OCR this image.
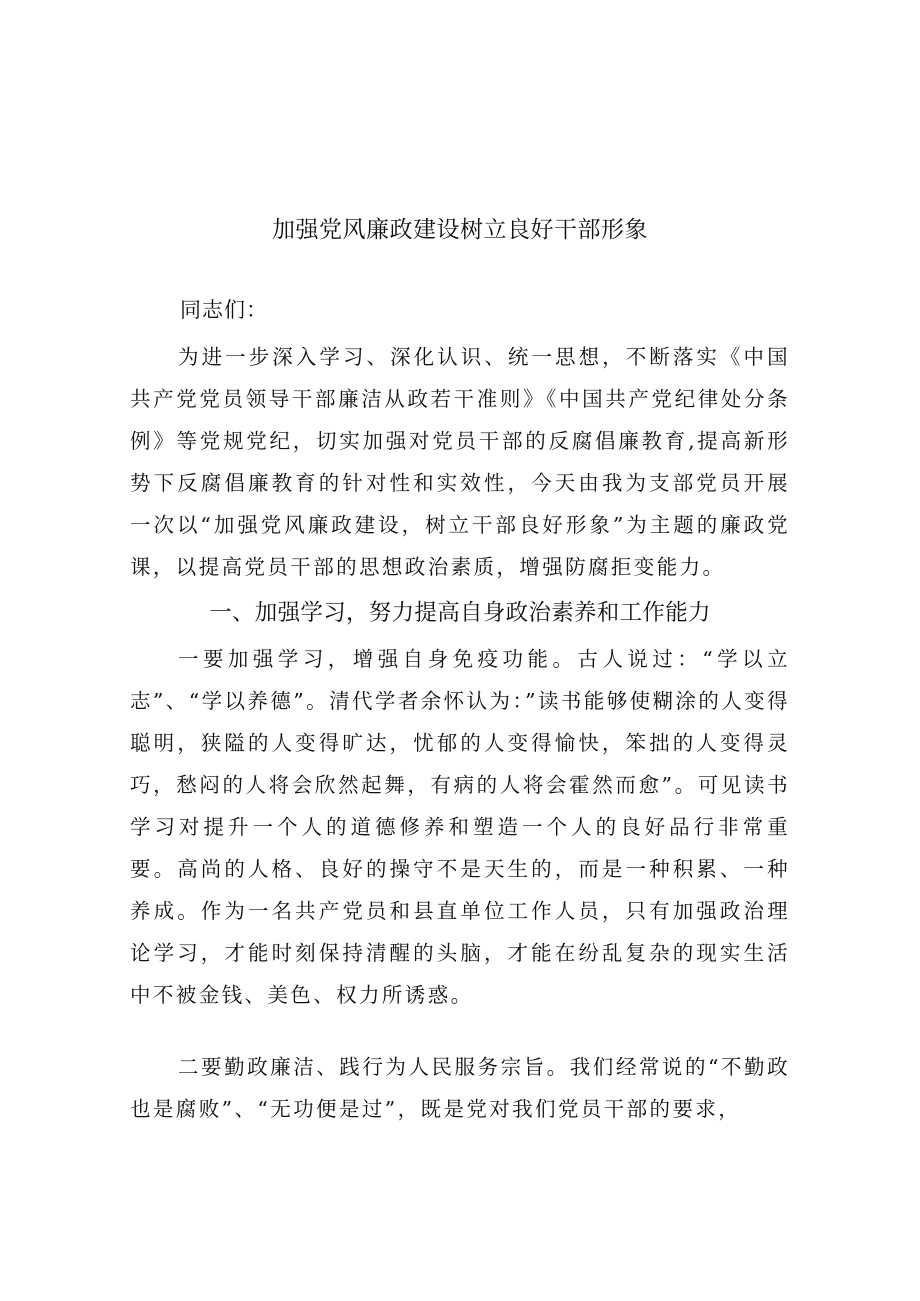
加强党风廉政建设树立良好干部形象
同志们：

为进一步深入学习、深化认识、统一思想，不断落实《中国共产党党员领导干部廉洁从政若干准则》《中国共产党纪律处分条例》等党规党纪，切实加强对党员干部的反腐倡廉教育,提高新形势下反腐倡廉教育的针对性和实效性，今天由我为支部党员开展一次以“加强党风廉政建设，树立干部良好形象”为主题的廉政党课，以提高党员干部的思想政治素质，增强防腐拒变能力。

一、加强学习，努力提高自身政治素养和工作能力

一要加强学习，增强自身免疫功能。古人说过：“学以立志”、“学以养德”。清代学者余怀认为：”读书能够使糊涂的人变得聪明，狭隘的人变得旷达，忧郁的人变得愉快，笨拙的人变得灵巧，愁闷的人将会欣然起舞，有病的人将会霍然而愈”。可见读书学习对提升一个人的道德修养和塑造一个人的良好品行非常重要。高尚的人格、良好的操守不是天生的，而是一种积累、一种养成。作为一名共产党员和县直单位工作人员，只有加强政治理论学习，才能时刻保持清醒的头脑，才能在纷乱复杂的现实生活中不被金钱、美色、权力所诱惑。

二要勤政廉洁、践行为人民服务宗旨。我们经常说的“不勤政也是腐败”、“无功便是过”，既是党对我们党员干部的要求，
